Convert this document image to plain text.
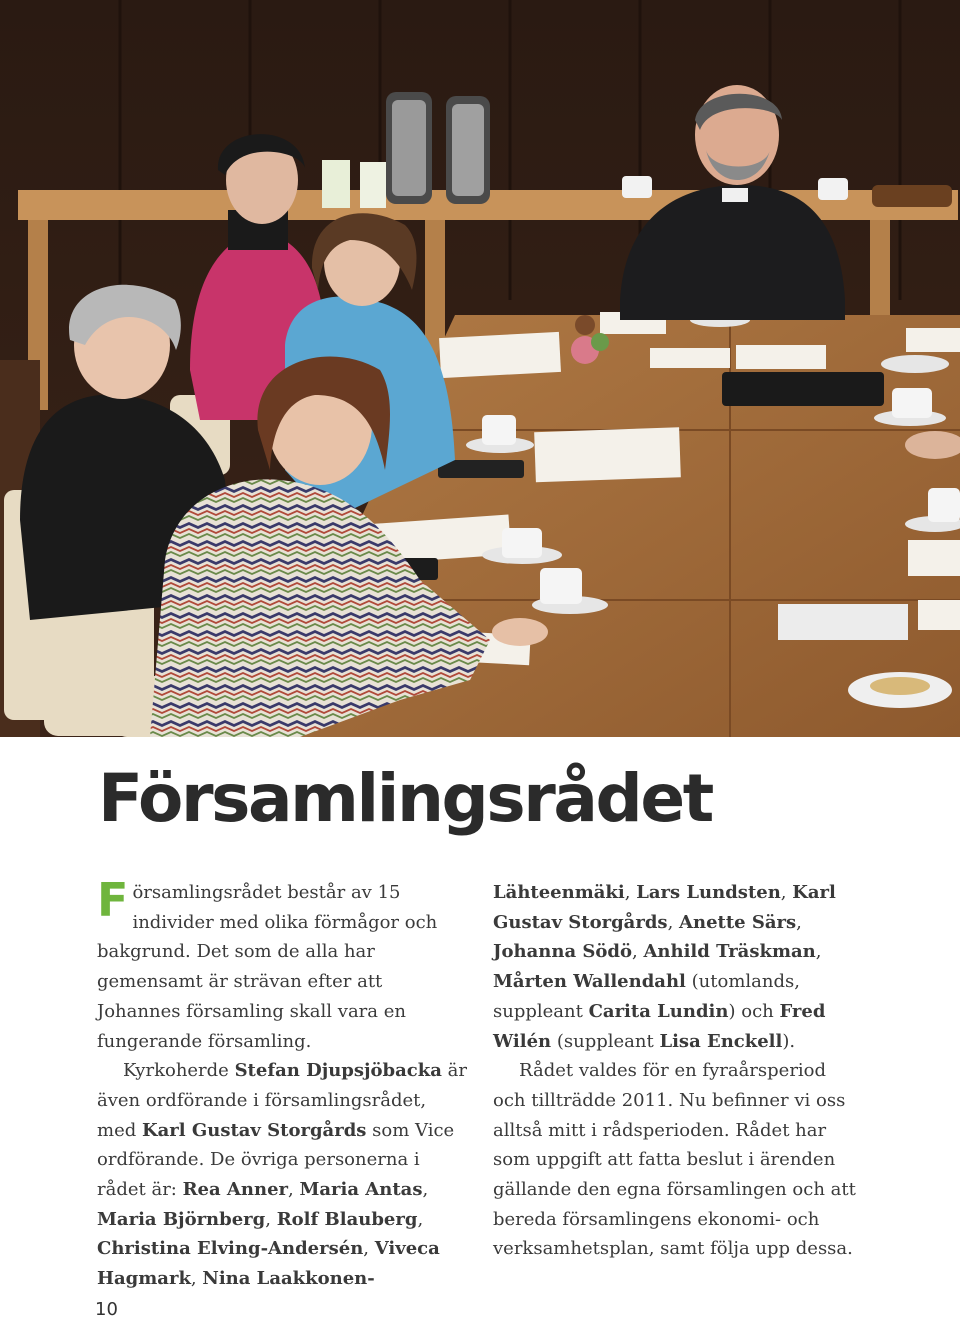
Församlingsrådet

Församlingsrådet består av 15 individer med olika förmågor och bakgrund. Det som de alla har gemensamt är strävan efter att Johannes församling skall vara en fungerande församling.

Kyrkoherde Stefan Djupsjöbacka är även ordförande i församlingsrådet, med Karl Gustav Storgårds som Vice ordförande. De övriga personerna i rådet är: Rea Anner, Maria Antas, Maria Björnberg, Rolf Blauberg, Christina Elving-Andersén, Viveca Hagmark, Nina Laakkonen-

Lähteenmäki, Lars Lundsten, Karl Gustav Storgårds, Anette Särs, Johanna Södö, Anhild Träskman, Mårten Wallendahl (utomlands, suppleant Carita Lundin) och Fred Wilén (suppleant Lisa Enckell).

Rådet valdes för en fyraårsperiod och tillträdde 2011. Nu befinner vi oss alltså mitt i rådsperioden. Rådet har som uppgift att fatta beslut i ärenden gällande den egna församlingen och att bereda församlingens ekonomi- och verksamhetsplan, samt följa upp dessa.

10
